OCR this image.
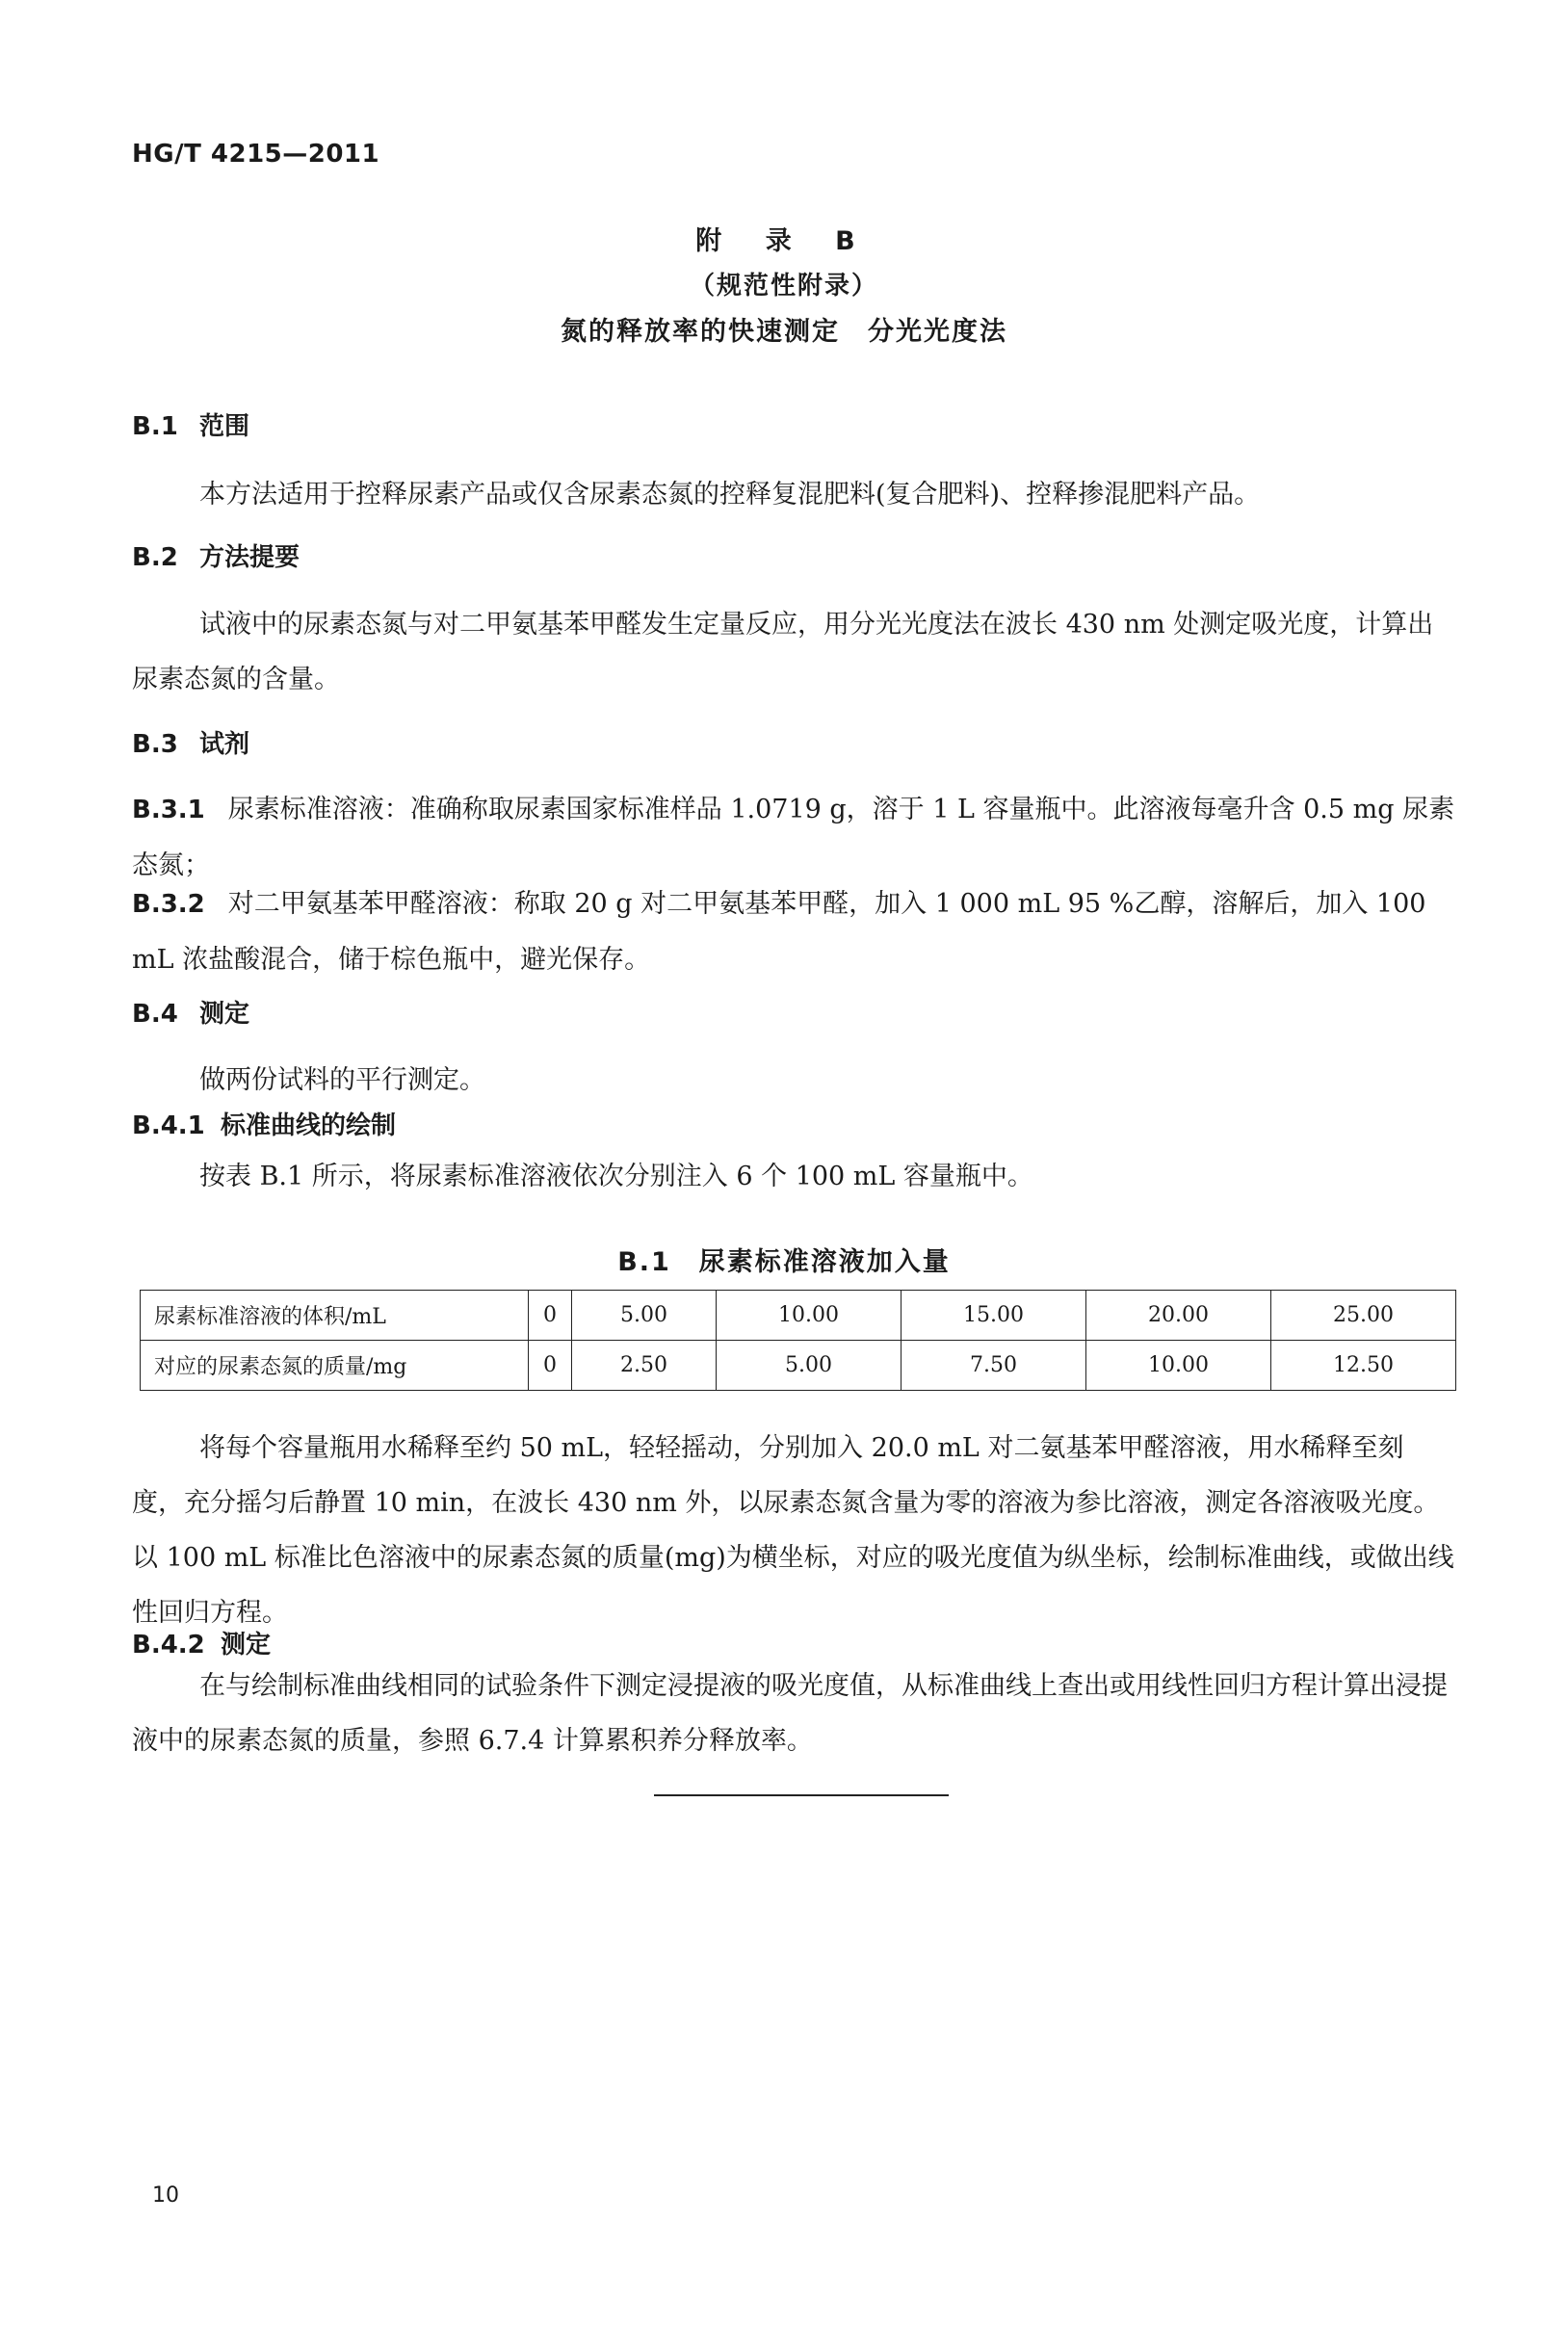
HG/T 4215—2011
附 录 B
（规范性附录）
氮的释放率的快速测定　分光光度法
B.1 范围
本方法适用于控释尿素产品或仅含尿素态氮的控释复混肥料(复合肥料)、控释掺混肥料产品。
B.2 方法提要
试液中的尿素态氮与对二甲氨基苯甲醛发生定量反应，用分光光度法在波长 430 nm 处测定吸光度，计算出尿素态氮的含量。
B.3 试剂
B.3.1 尿素标准溶液：准确称取尿素国家标准样品 1.0719 g，溶于 1 L 容量瓶中。此溶液每毫升含 0.5 mg 尿素态氮；
B.3.2 对二甲氨基苯甲醛溶液：称取 20 g 对二甲氨基苯甲醛，加入 1 000 mL 95 %乙醇，溶解后，加入 100 mL 浓盐酸混合，储于棕色瓶中，避光保存。
B.4 测定
做两份试料的平行测定。
B.4.1 标准曲线的绘制
按表 B.1 所示，将尿素标准溶液依次分别注入 6 个 100 mL 容量瓶中。
B.1　尿素标准溶液加入量
尿素标准溶液的体积/mL	0	5.00	10.00	15.00	20.00	25.00
对应的尿素态氮的质量/mg	0	2.50	5.00	7.50	10.00	12.50
将每个容量瓶用水稀释至约 50 mL，轻轻摇动，分别加入 20.0 mL 对二氨基苯甲醛溶液，用水稀释至刻度，充分摇匀后静置 10 min，在波长 430 nm 外，以尿素态氮含量为零的溶液为参比溶液，测定各溶液吸光度。以 100 mL 标准比色溶液中的尿素态氮的质量(mg)为横坐标，对应的吸光度值为纵坐标，绘制标准曲线，或做出线性回归方程。
B.4.2 测定
在与绘制标准曲线相同的试验条件下测定浸提液的吸光度值，从标准曲线上查出或用线性回归方程计算出浸提液中的尿素态氮的质量，参照 6.7.4 计算累积养分释放率。
10
